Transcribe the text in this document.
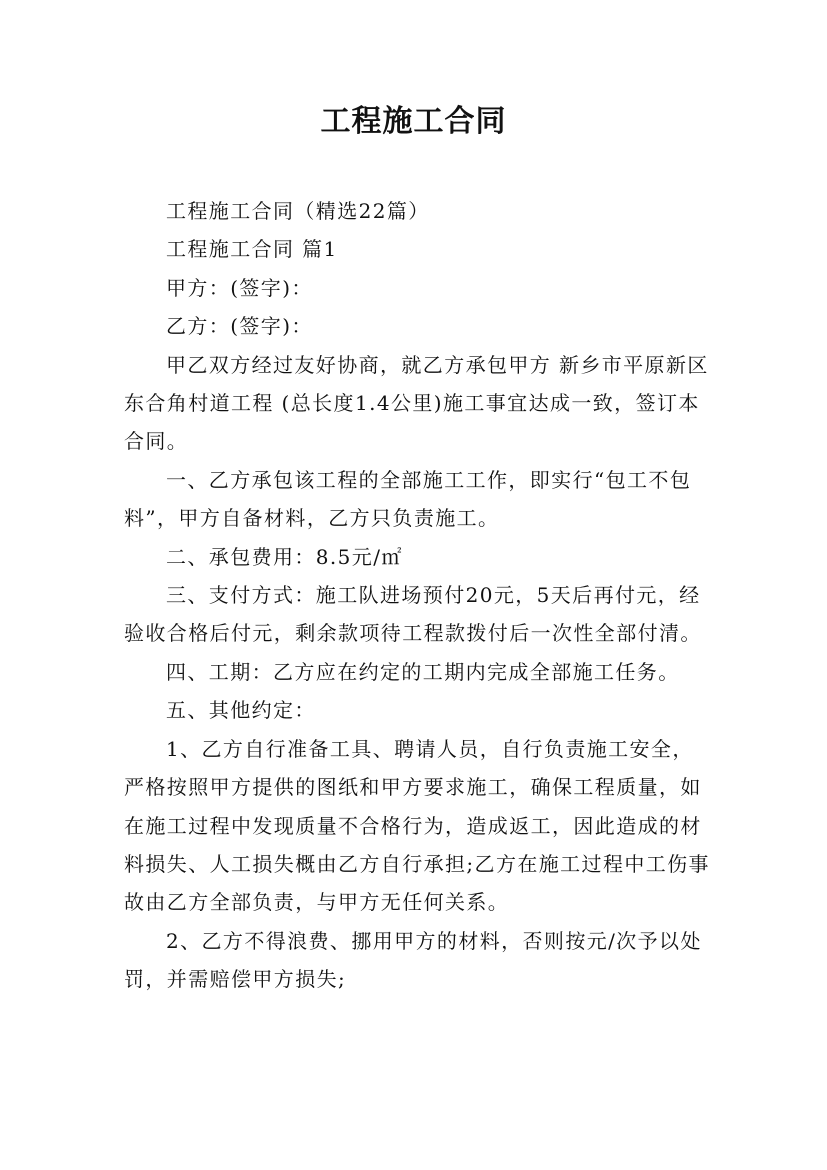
工程施工合同

工程施工合同（精选22篇）

工程施工合同 篇1

甲方：(签字)：

乙方：(签字)：

甲乙双方经过友好协商，就乙方承包甲方 新乡市平原新区东合角村道工程 (总长度1.4公里)施工事宜达成一致，签订本合同。

一、乙方承包该工程的全部施工工作，即实行“包工不包料”，甲方自备材料，乙方只负责施工。

二、承包费用：8.5元/㎡

三、支付方式：施工队进场预付20元，5天后再付元，经验收合格后付元，剩余款项待工程款拨付后一次性全部付清。

四、工期：乙方应在约定的工期内完成全部施工任务。

五、其他约定：

1、乙方自行准备工具、聘请人员，自行负责施工安全，严格按照甲方提供的图纸和甲方要求施工，确保工程质量，如在施工过程中发现质量不合格行为，造成返工，因此造成的材料损失、人工损失概由乙方自行承担;乙方在施工过程中工伤事故由乙方全部负责，与甲方无任何关系。

2、乙方不得浪费、挪用甲方的材料，否则按元/次予以处罚，并需赔偿甲方损失;
